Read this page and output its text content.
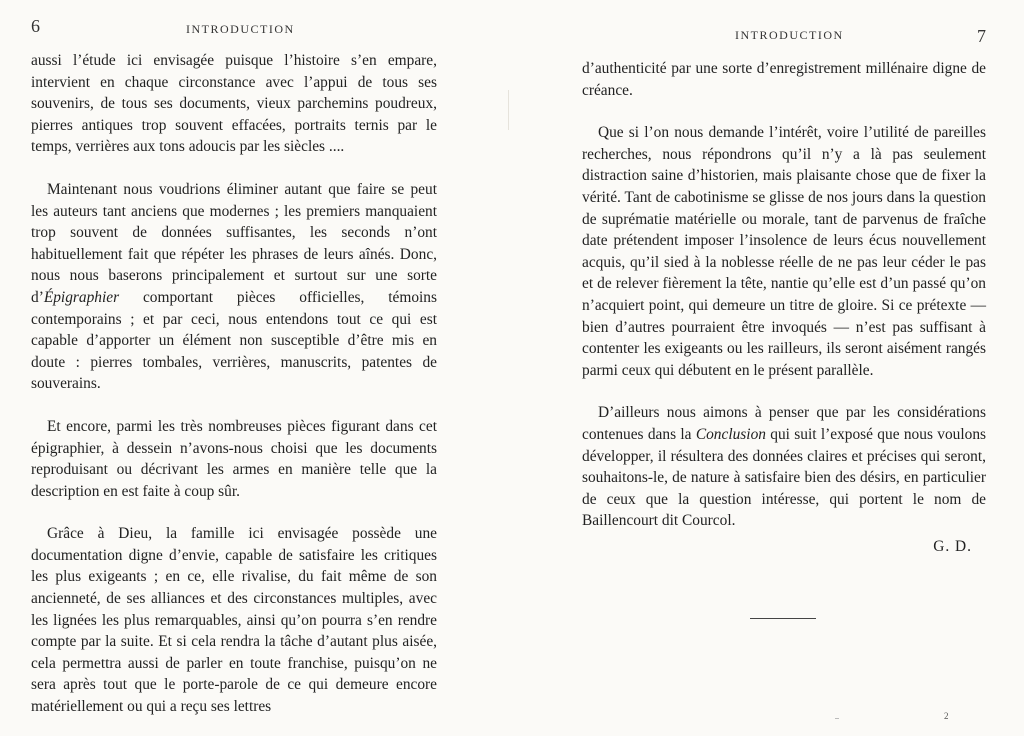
6	INTRODUCTION

aussi l’étude ici envisagée puisque l’histoire s’en empare, intervient en chaque circonstance avec l’appui de tous ses souvenirs, de tous ses documents, vieux parchemins poudreux, pierres antiques trop souvent effacées, portraits ternis par le temps, verrières aux tons adoucis par les siècles ....

Maintenant nous voudrions éliminer autant que faire se peut les auteurs tant anciens que modernes ; les premiers manquaient trop souvent de données suffisantes, les seconds n’ont habituellement fait que répéter les phrases de leurs aînés. Donc, nous nous baserons principalement et surtout sur une sorte d’Épigraphier comportant pièces officielles, témoins contemporains ; et par ceci, nous entendons tout ce qui est capable d’apporter un élément non susceptible d’être mis en doute : pierres tombales, verrières, manuscrits, patentes de souverains.

Et encore, parmi les très nombreuses pièces figurant dans cet épigraphier, à dessein n’avons-nous choisi que les documents reproduisant ou décrivant les armes en manière telle que la description en est faite à coup sûr.

Grâce à Dieu, la famille ici envisagée possède une documentation digne d’envie, capable de satisfaire les critiques les plus exigeants ; en ce, elle rivalise, du fait même de son ancienneté, de ses alliances et des circonstances multiples, avec les lignées les plus remarquables, ainsi qu’on pourra s’en rendre compte par la suite. Et si cela rendra la tâche d’autant plus aisée, cela permettra aussi de parler en toute franchise, puisqu’on ne sera après tout que le porte-parole de ce qui demeure encore matériellement ou qui a reçu ses lettres

INTRODUCTION	7

d’authenticité par une sorte d’enregistrement millénaire digne de créance.

Que si l’on nous demande l’intérêt, voire l’utilité de pareilles recherches, nous répondrons qu’il n’y a là pas seulement distraction saine d’historien, mais plaisante chose que de fixer la vérité. Tant de cabotinisme se glisse de nos jours dans la question de suprématie matérielle ou morale, tant de parvenus de fraîche date prétendent imposer l’insolence de leurs écus nouvellement acquis, qu’il sied à la noblesse réelle de ne pas leur céder le pas et de relever fièrement la tête, nantie qu’elle est d’un passé qu’on n’acquiert point, qui demeure un titre de gloire. Si ce prétexte — bien d’autres pourraient être invoqués — n’est pas suffisant à contenter les exigeants ou les railleurs, ils seront aisément rangés parmi ceux qui débutent en le présent parallèle.

D’ailleurs nous aimons à penser que par les considérations contenues dans la Conclusion qui suit l’exposé que nous voulons développer, il résultera des données claires et précises qui seront, souhaitons-le, de nature à satisfaire bien des désirs, en particulier de ceux que la question intéresse, qui portent le nom de Baillencourt dit Courcol.

G. D.
2
